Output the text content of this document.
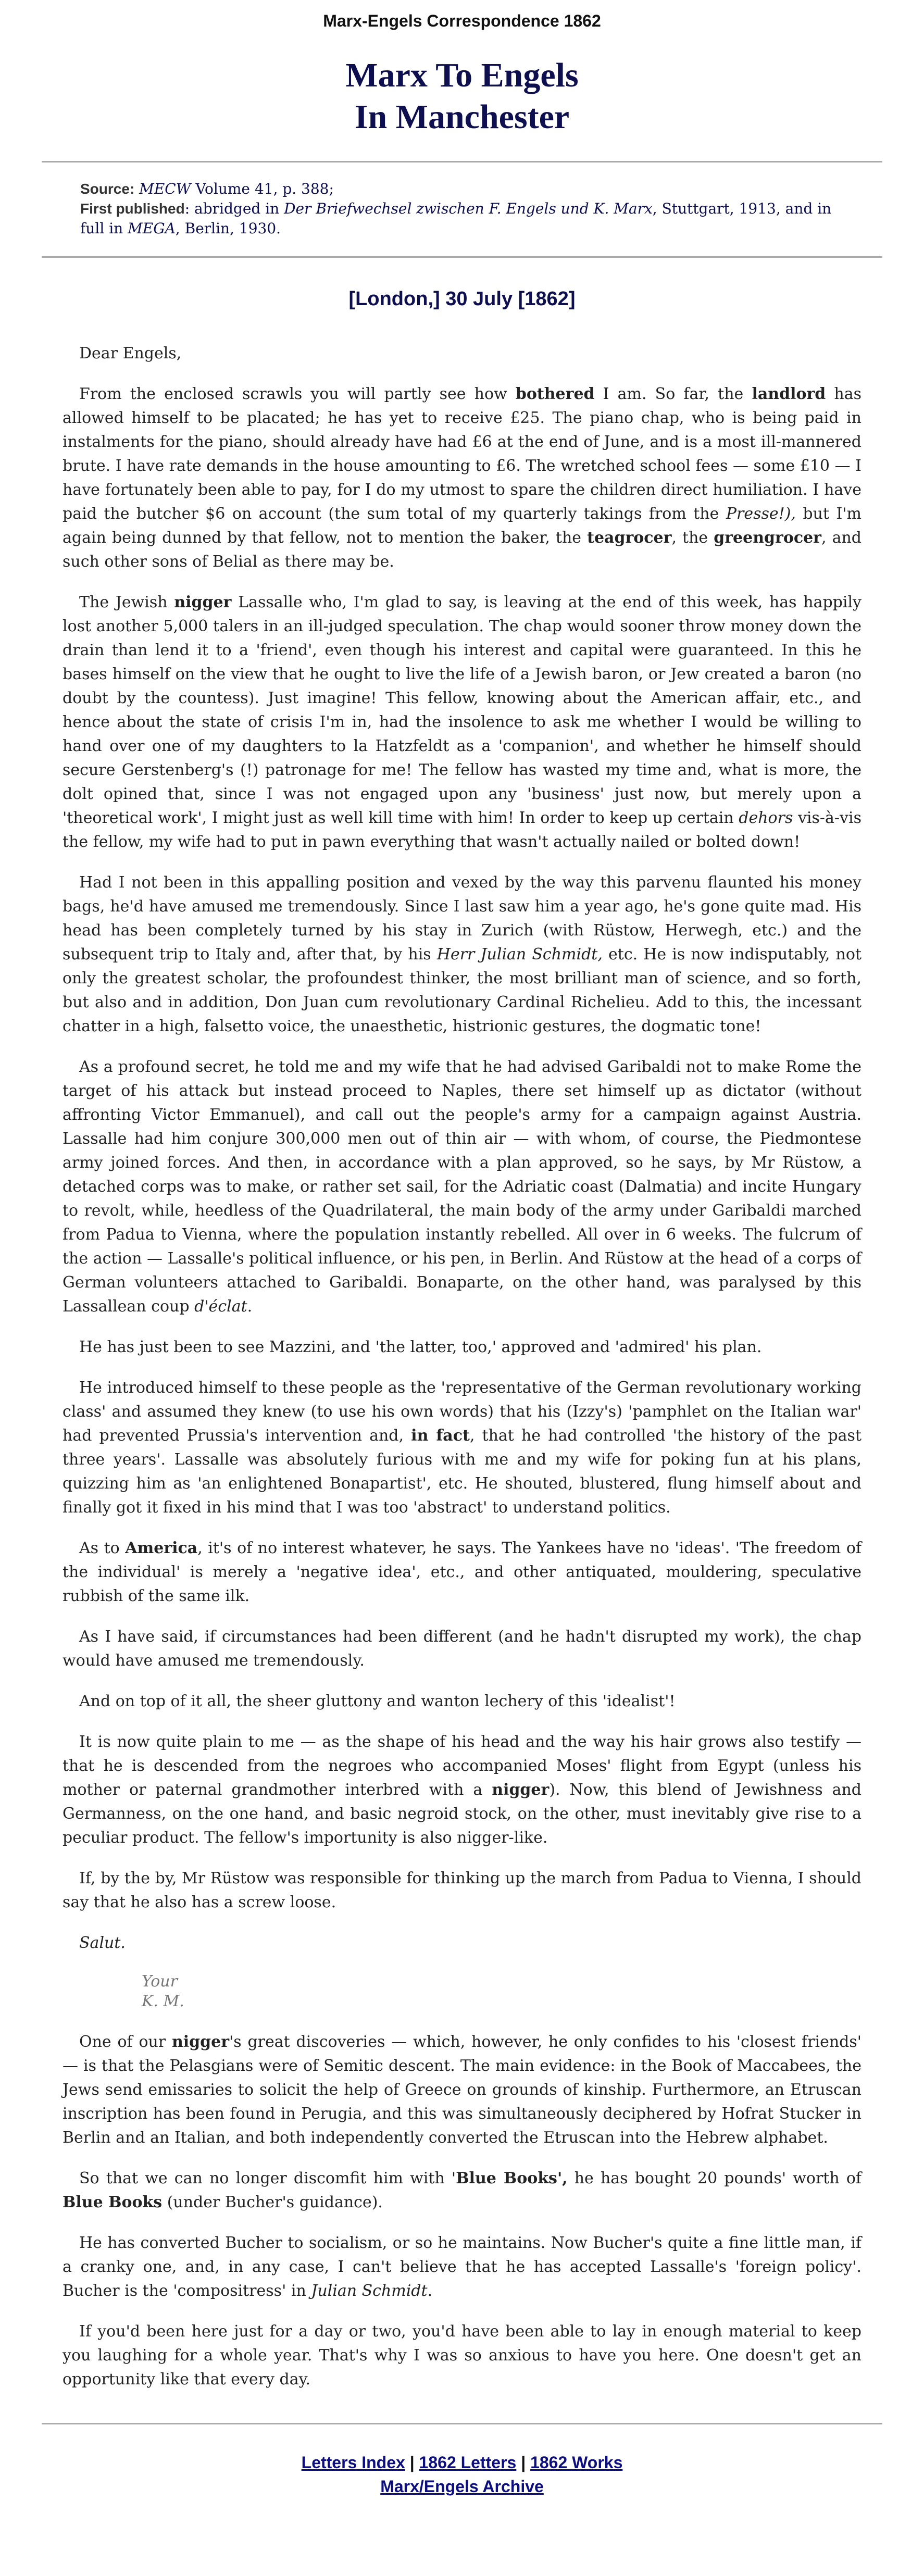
Marx-Engels Correspondence 1862
Marx To Engels
In Manchester
Source: MECW Volume 41, p. 388;
First published: abridged in Der Briefwechsel zwischen F. Engels und K. Marx, Stuttgart, 1913, and in full in MEGA, Berlin, 1930.
[London,] 30 July [1862]

Dear Engels,

From the enclosed scrawls you will partly see how bothered I am. So far, the landlord has allowed himself to be placated; he has yet to receive £25. The piano chap, who is being paid in instalments for the piano, should already have had £6 at the end of June, and is a most ill-mannered brute. I have rate demands in the house amounting to £6. The wretched school fees — some £10 — I have fortunately been able to pay, for I do my utmost to spare the children direct humiliation. I have paid the butcher $6 on account (the sum total of my quarterly takings from the Presse!), but I'm again being dunned by that fellow, not to mention the baker, the teagrocer, the greengrocer, and such other sons of Belial as there may be.

The Jewish nigger Lassalle who, I'm glad to say, is leaving at the end of this week, has happily lost another 5,000 talers in an ill-judged speculation. The chap would sooner throw money down the drain than lend it to a 'friend', even though his interest and capital were guaranteed. In this he bases himself on the view that he ought to live the life of a Jewish baron, or Jew created a baron (no doubt by the countess). Just imagine! This fellow, knowing about the American affair, etc., and hence about the state of crisis I'm in, had the insolence to ask me whether I would be willing to hand over one of my daughters to la Hatzfeldt as a 'companion', and whether he himself should secure Gerstenberg's (!) patronage for me! The fellow has wasted my time and, what is more, the dolt opined that, since I was not engaged upon any 'business' just now, but merely upon a 'theoretical work', I might just as well kill time with him! In order to keep up certain dehors vis-à-vis the fellow, my wife had to put in pawn everything that wasn't actually nailed or bolted down!

Had I not been in this appalling position and vexed by the way this parvenu flaunted his money bags, he'd have amused me tremendously. Since I last saw him a year ago, he's gone quite mad. His head has been completely turned by his stay in Zurich (with Rüstow, Herwegh, etc.) and the subsequent trip to Italy and, after that, by his Herr Julian Schmidt, etc. He is now indisputably, not only the greatest scholar, the profoundest thinker, the most brilliant man of science, and so forth, but also and in addition, Don Juan cum revolutionary Cardinal Richelieu. Add to this, the incessant chatter in a high, falsetto voice, the unaesthetic, histrionic gestures, the dogmatic tone!

As a profound secret, he told me and my wife that he had advised Garibaldi not to make Rome the target of his attack but instead proceed to Naples, there set himself up as dictator (without affronting Victor Emmanuel), and call out the people's army for a campaign against Austria. Lassalle had him conjure 300,000 men out of thin air — with whom, of course, the Piedmontese army joined forces. And then, in accordance with a plan approved, so he says, by Mr Rüstow, a detached corps was to make, or rather set sail, for the Adriatic coast (Dalmatia) and incite Hungary to revolt, while, heedless of the Quadrilateral, the main body of the army under Garibaldi marched from Padua to Vienna, where the population instantly rebelled. All over in 6 weeks. The fulcrum of the action — Lassalle's political influence, or his pen, in Berlin. And Rüstow at the head of a corps of German volunteers attached to Garibaldi. Bonaparte, on the other hand, was paralysed by this Lassallean coup d'éclat.

He has just been to see Mazzini, and 'the latter, too,' approved and 'admired' his plan.

He introduced himself to these people as the 'representative of the German revolutionary working class' and assumed they knew (to use his own words) that his (Izzy's) 'pamphlet on the Italian war' had prevented Prussia's intervention and, in fact, that he had controlled 'the history of the past three years'. Lassalle was absolutely furious with me and my wife for poking fun at his plans, quizzing him as 'an enlightened Bonapartist', etc. He shouted, blustered, flung himself about and finally got it fixed in his mind that I was too 'abstract' to understand politics.

As to America, it's of no interest whatever, he says. The Yankees have no 'ideas'. 'The freedom of the individual' is merely a 'negative idea', etc., and other antiquated, mouldering, speculative rubbish of the same ilk.

As I have said, if circumstances had been different (and he hadn't disrupted my work), the chap would have amused me tremendously.

And on top of it all, the sheer gluttony and wanton lechery of this 'idealist'!

It is now quite plain to me — as the shape of his head and the way his hair grows also testify — that he is descended from the negroes who accompanied Moses' flight from Egypt (unless his mother or paternal grandmother interbred with a nigger). Now, this blend of Jewishness and Germanness, on the one hand, and basic negroid stock, on the other, must inevitably give rise to a peculiar product. The fellow's importunity is also nigger-like.

If, by the by, Mr Rüstow was responsible for thinking up the march from Padua to Vienna, I should say that he also has a screw loose.

Salut.

Your
K. M.

One of our nigger's great discoveries — which, however, he only confides to his 'closest friends' — is that the Pelasgians were of Semitic descent. The main evidence: in the Book of Maccabees, the Jews send emissaries to solicit the help of Greece on grounds of kinship. Furthermore, an Etruscan inscription has been found in Perugia, and this was simultaneously deciphered by Hofrat Stucker in Berlin and an Italian, and both independently converted the Etruscan into the Hebrew alphabet.

So that we can no longer discomfit him with 'Blue Books', he has bought 20 pounds' worth of Blue Books (under Bucher's guidance).

He has converted Bucher to socialism, or so he maintains. Now Bucher's quite a fine little man, if a cranky one, and, in any case, I can't believe that he has accepted Lassalle's 'foreign policy'. Bucher is the 'compositress' in Julian Schmidt.

If you'd been here just for a day or two, you'd have been able to lay in enough material to keep you laughing for a whole year. That's why I was so anxious to have you here. One doesn't get an opportunity like that every day.

Letters Index | 1862 Letters | 1862 Works
Marx/Engels Archive
